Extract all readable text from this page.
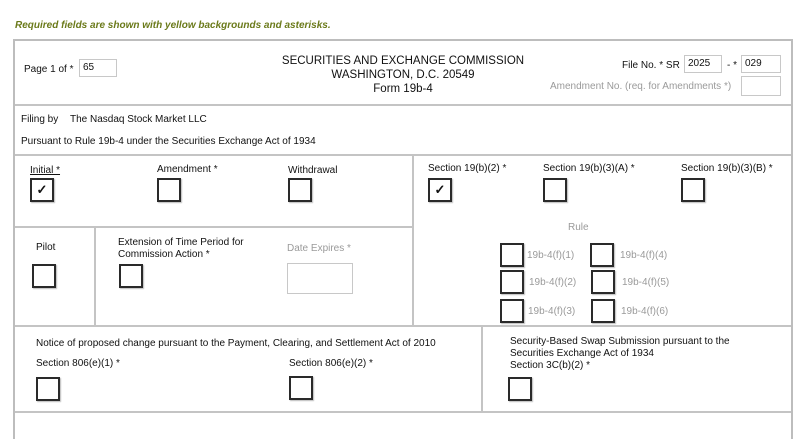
Required fields are shown with yellow backgrounds and asterisks.
Page 1 of * 65
SECURITIES AND EXCHANGE COMMISSION
WASHINGTON, D.C. 20549
Form 19b-4
File No. * SR 2025	- * 029
Amendment No. (req. for Amendments *)
Filing by The Nasdaq Stock Market LLC
Pursuant to Rule 19b-4 under the Securities Exchange Act of 1934
Initial *
✓
Amendment *	Withdrawal	Section 19(b)(2) *
✓
Section 19(b)(3)(A) *	Section 19(b)(3)(B) *
Pilot	Extension of Time Period for
Commission Action *
Date Expires *
Rule
19b-4(f)(1)	19b-4(f)(4)
19b-4(f)(2)	19b-4(f)(5)
19b-4(f)(3)	19b-4(f)(6)
Notice of proposed change pursuant to the Payment, Clearing, and Settlement Act of 2010
Section 806(e)(1) *	Section 806(e)(2) *
Security-Based Swap Submission pursuant to the
Securities Exchange Act of 1934
Section 3C(b)(2) *
